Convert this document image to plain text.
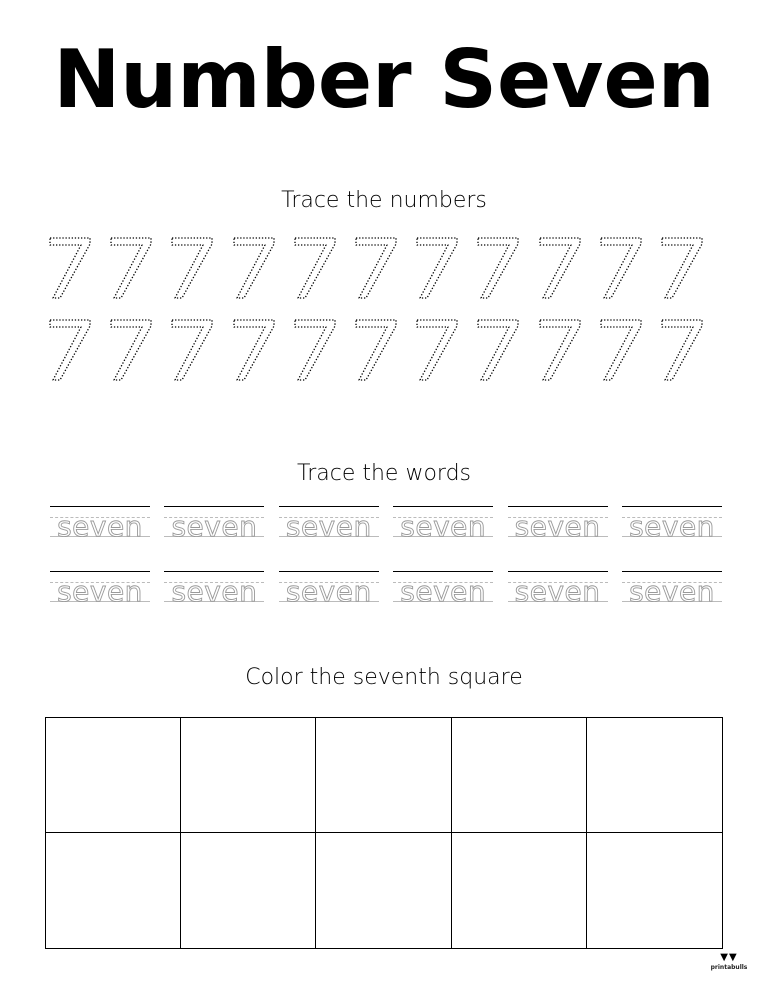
Number Seven
Trace the numbers
Trace the words
seven seven seven seven seven seven
seven seven seven seven seven seven
Color the seventh square
▼▼
printabulls
